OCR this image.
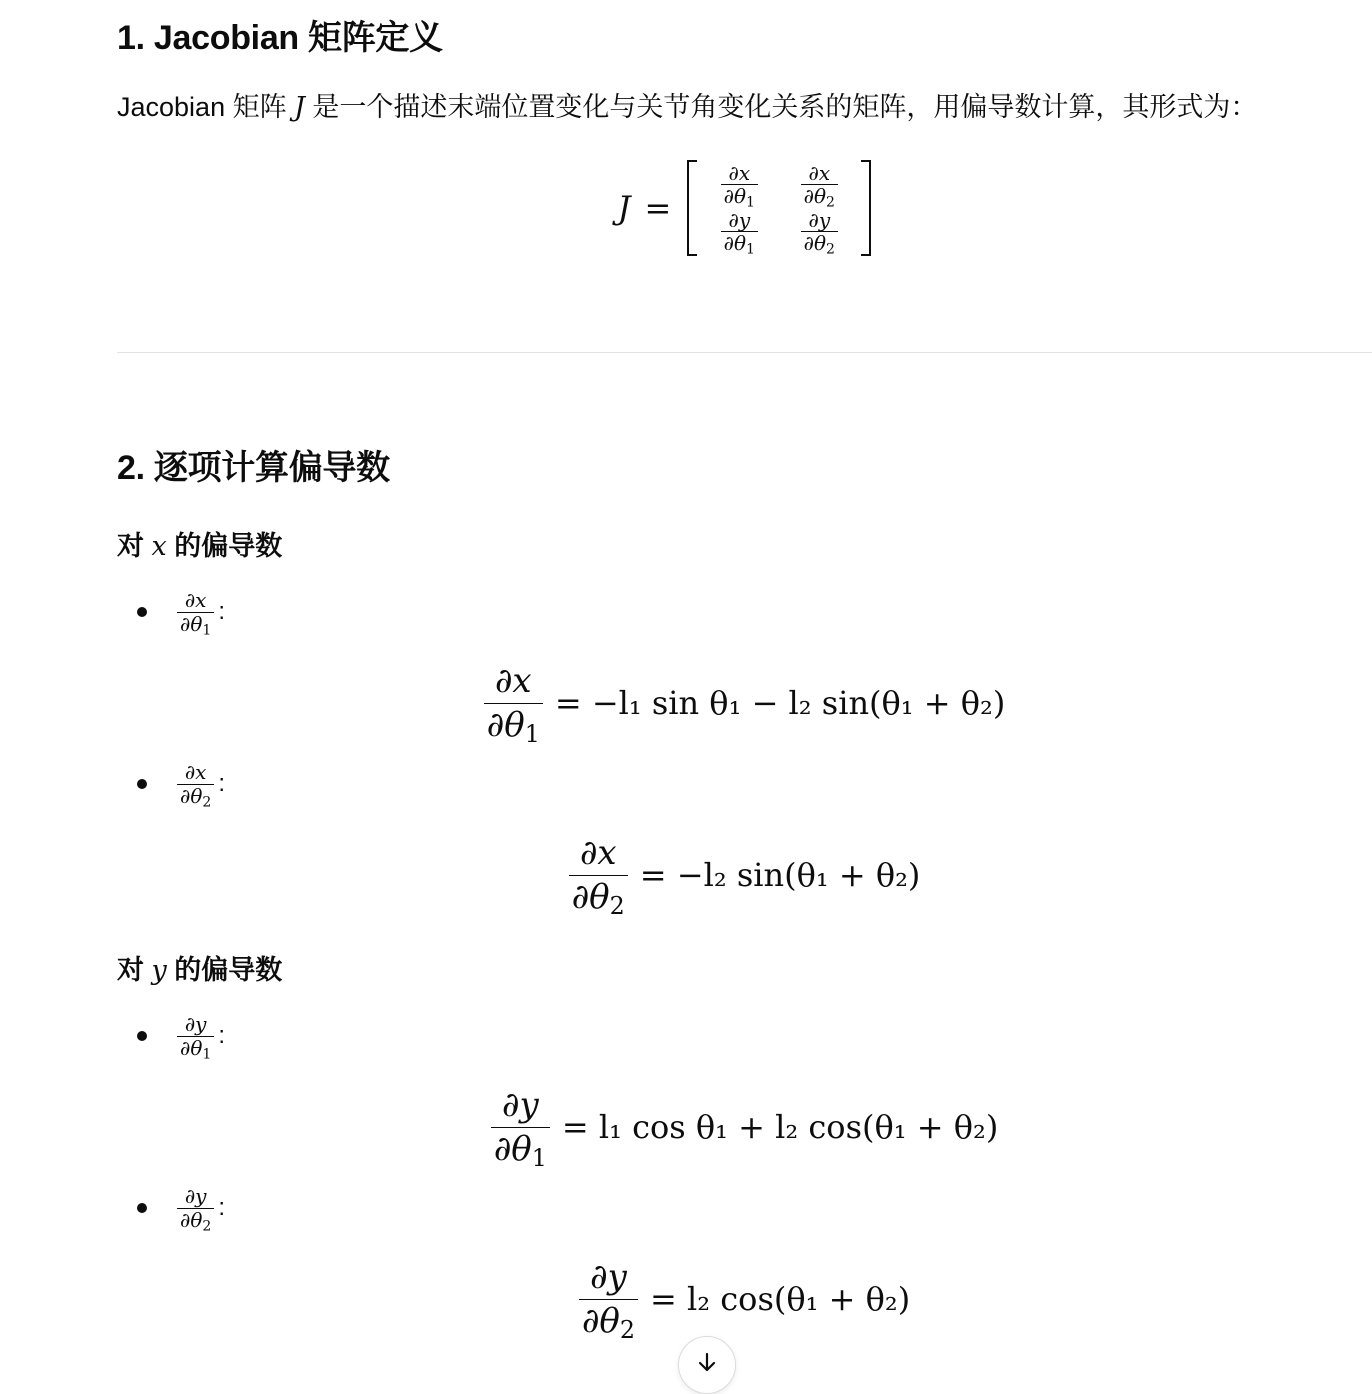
1. Jacobian 矩阵定义

Jacobian 矩阵 J 是一个描述末端位置变化与关节角变化关系的矩阵，用偏导数计算，其形式为：

J =
$\frac{\partial x}{\partial\theta_1} \frac{\partial x}{\partial\theta_2}$
$\frac{\partial y}{\partial\theta_1} \frac{\partial y}{\partial\theta_2}$
2. 逐项计算偏导数
对 x 的偏导数
$\frac{\partial x}{\partial\theta_1}$ :
$\frac{\partial x}{\partial\theta_1} = -l_1$ sin θ₁ − l₂ sin(θ₁ + θ₂)
$\frac{\partial x}{\partial\theta_2}$ :
$\frac{\partial x}{\partial\theta_2} = -l_2$ sin(θ₁ + θ₂)
对 y 的偏导数
$\frac{\partial y}{\partial\theta_1}$ :
$\frac{\partial y}{\partial\theta_1} = l_1$ cos θ₁ + l₂ cos(θ₁ + θ₂)
$\frac{\partial y}{\partial\theta_2}$ :
$\frac{\partial y}{\partial\theta_2} = l_2$ cos(θ₁ + θ₂)
